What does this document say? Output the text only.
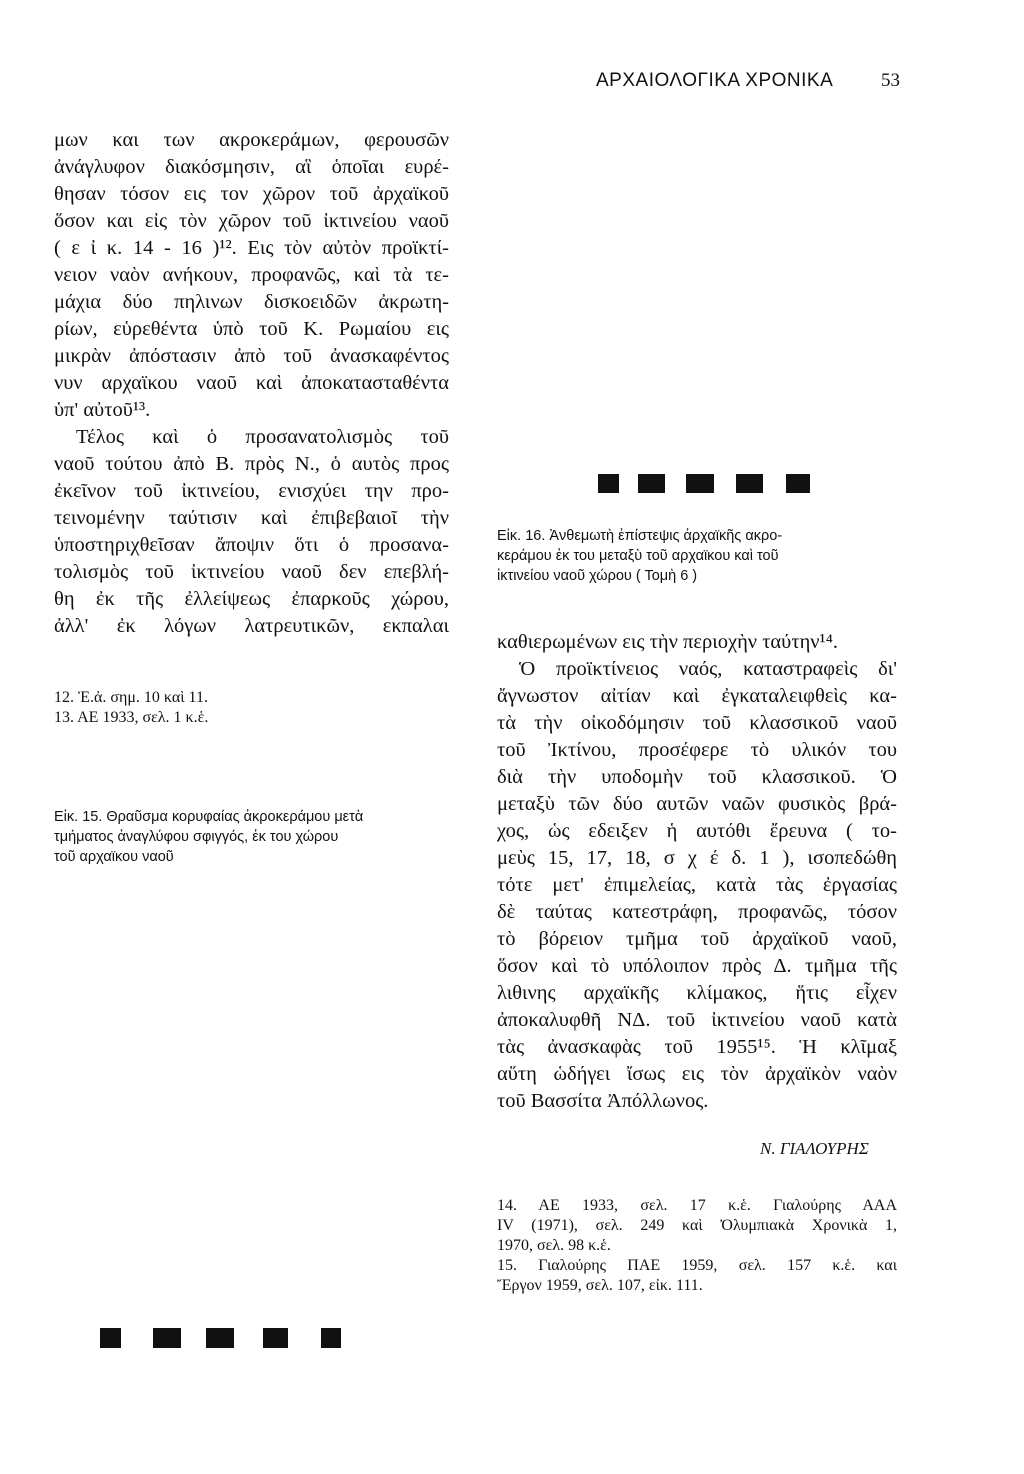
ΑΡΧΑΙΟΛΟΓΙΚΑ ΧΡΟΝΙΚΑ	53
μων και των ακροκεράμων, φερουσῶν
ἀνάγλυφον διακόσμησιν, αἳ ὁποῖαι ευρέ-
θησαν τόσον εις τον χῶρον τοῦ ἀρχαϊκοῦ
ὅσον και εἰς τὸν χῶρον τοῦ ἰκτινείου ναοῦ
( ε ἰ κ. 14 - 16 )¹². Εις τὸν αὐτὸν προϊκτί-
νειον ναὸν ανήκουν, προφανῶς, καὶ τὰ τε-
μάχια δύο πηλινων δισκοειδῶν ἀκρωτη-
ρίων, εὑρεθέντα ὑπὸ τοῦ Κ. Ρωμαίου εις
μικρὰν ἀπόστασιν ἀπὸ τοῦ ἀνασκαφέντος
νυν αρχαϊκου ναοῦ καὶ ἀποκατασταθέντα
ὑπ' αὐτοῦ¹³.
Τέλος καὶ ὁ προσανατολισμὸς τοῦ
ναοῦ τούτου ἀπὸ Β. πρὸς Ν., ὁ αυτὸς προς
ἐκεῖνον τοῦ ἰκτινείου, ενισχύει την προ-
τεινομένην ταύτισιν καὶ ἐπιβεβαιοῖ τὴν
ὑποστηριχθεῖσαν ἄποψιν ὅτι ὁ προσανα-
τολισμὸς τοῦ ἰκτινείου ναοῦ δεν επεβλή-
θη ἐκ τῆς ἐλλείψεως ἐπαρκοῦς χώρου,
ἀλλ' ἐκ λόγων λατρευτικῶν, εκπαλαι
12. Ἐ.ἀ. σημ. 10 καὶ 11.
13. ΑΕ 1933, σελ. 1 κ.ἑ.
Εἰκ. 15. Θραῦσμα κορυφαίας ἀκροκεράμου μετὰ
τμήματος ἀναγλύφου σφιγγός, ἐκ του χώρου
τοῦ αρχαϊκου ναοῦ
Εἰκ. 16. Ἀνθεμωτὴ ἐπίστεψις ἀρχαϊκῆς ακρο-
κεράμου ἐκ του μεταξὺ τοῦ αρχαϊκου καὶ τοῦ
ἰκτινείου ναοῦ χώρου ( Τομὴ 6 )
καθιερωμένων εις τὴν περιοχὴν ταύτην¹⁴.
Ὁ προϊκτίνειος ναός, καταστραφεὶς δι'
ἄγνωστον αἰτίαν καὶ ἐγκαταλειφθεὶς κα-
τὰ τὴν οἰκοδόμησιν τοῦ κλασσικοῦ ναοῦ
τοῦ Ἰκτίνου, προσέφερε τὸ υλικόν του
διὰ τὴν υποδομὴν τοῦ κλασσικοῦ. Ὁ
μεταξὺ τῶν δύο αυτῶν ναῶν φυσικὸς βρά-
χος, ὡς εδειξεν ἡ αυτόθι ἔρευνα ( το-
μεὺς 15, 17, 18, σ χ έ δ. 1 ), ισοπεδώθη
τότε μετ' ἐπιμελείας, κατὰ τὰς ἐργασίας
δὲ ταύτας κατεστράφη, προφανῶς, τόσον
τὸ βόρειον τμῆμα τοῦ ἀρχαϊκοῦ ναοῦ,
ὅσον καὶ τὸ υπόλοιπον πρὸς Δ. τμῆμα τῆς
λιθινης αρχαϊκῆς κλίμακος, ἥτις εἶχεν
ἀποκαλυφθῆ ΝΔ. τοῦ ἰκτινείου ναοῦ κατὰ
τὰς ἀνασκαφὰς τοῦ 1955¹⁵. Ἡ κλῖμαξ
αὕτη ὡδήγει ἴσως εις τὸν ἀρχαϊκὸν ναὸν
τοῦ Βασσίτα Ἀπόλλωνος.
Ν. ΓΙΑΛΟΥΡΗΣ
14. ΑΕ 1933, σελ. 17 κ.ἑ. Γιαλούρης ΑΑΑ
IV (1971), σελ. 249 καὶ Ὀλυμπιακὰ Χρονικὰ 1,
1970, σελ. 98 κ.ἑ.
15. Γιαλούρης ΠΑΕ 1959, σελ. 157 κ.ἑ. και
Ἔργον 1959, σελ. 107, εἰκ. 111.
